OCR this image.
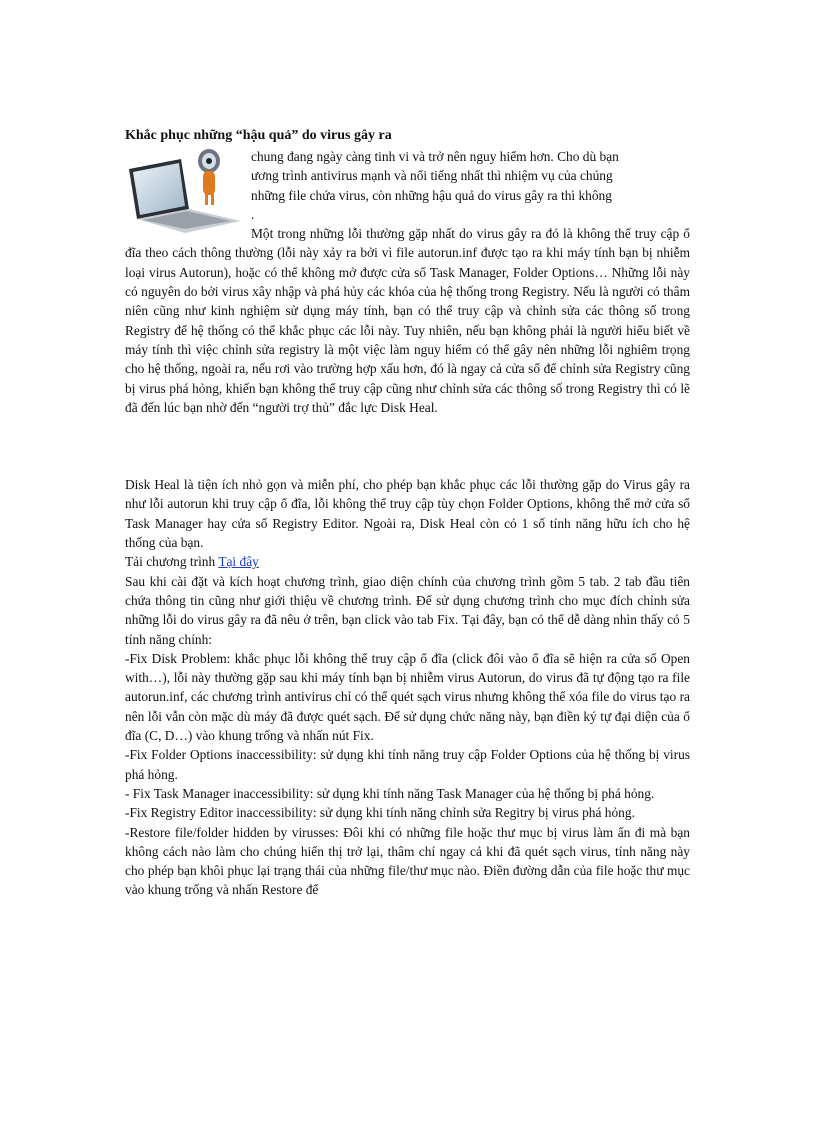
Khắc phục những “hậu quả” do virus gây ra
chung đang ngày càng tinh vi và trở nên nguy hiểm hơn. Cho dù bạn
ương trình antivirus mạnh và nổi tiếng nhất thì nhiệm vụ của chúng
những file chứa virus, còn những hậu quả do virus gây ra thì không
.

Một trong những lỗi thường gặp nhất do virus gây ra đó là không thể truy cập ổ đĩa theo cách thông thường (lỗi này xảy ra bởi vì file autorun.inf được tạo ra khi máy tính bạn bị nhiễm loại virus Autorun), hoặc có thể không mở được cửa sổ Task Manager, Folder Options… Những lỗi này có nguyên do bởi virus xây nhập và phá hủy các khóa của hệ thống trong Registry. Nếu là người có thâm niên cũng như kinh nghiệm sử dụng máy tính, bạn có thể truy cập và chỉnh sửa các thông số trong Registry để hệ thống có thể khắc phục các lỗi này. Tuy nhiên, nếu bạn không phải là người hiểu biết về máy tính thì việc chỉnh sửa registry là một việc làm nguy hiểm có thể gây nên những lỗi nghiêm trọng cho hệ thống, ngoài ra, nếu rơi vào trường hợp xấu hơn, đó là ngay cả cửa sổ để chỉnh sửa Registry cũng bị virus phá hỏng, khiến bạn không thể truy cập cũng như chỉnh sửa các thông số trong Registry thì có lẽ đã đến lúc bạn nhờ đến “người trợ thủ” đắc lực Disk Heal.

Disk Heal là tiện ích nhỏ gọn và miễn phí, cho phép bạn khắc phục các lỗi thường gặp do Virus gây ra như lỗi autorun khi truy cập ổ đĩa, lỗi không thể truy cập tùy chọn Folder Options, không thể mở cửa sổ Task Manager hay cửa sổ Registry Editor. Ngoài ra, Disk Heal còn có 1 số tính năng hữu ích cho hệ thống của bạn.

Tải chương trình Tại đây

Sau khi cài đặt và kích hoạt chương trình, giao diện chính của chương trình gồm 5 tab. 2 tab đầu tiên chứa thông tin cũng như giới thiệu về chương trình. Để sử dụng chương trình cho mục đích chỉnh sửa những lỗi do virus gây ra đã nêu ở trên, bạn click vào tab Fix. Tại đây, bạn có thể dễ dàng nhìn thấy có 5 tính năng chính:

-Fix Disk Problem: khắc phục lỗi không thể truy cập ổ đĩa (click đôi vào ổ đĩa sẽ hiện ra cửa sổ Open with…), lỗi này thường gặp sau khi máy tính bạn bị nhiễm virus Autorun, do virus đã tự động tạo ra file autorun.inf, các chương trình antivirus chỉ có thể quét sạch virus nhưng không thể xóa file do virus tạo ra nên lỗi vẫn còn mặc dù máy đã được quét sạch. Để sử dụng chức năng này, bạn điền ký tự đại diện của ổ đĩa (C, D…) vào khung trống và nhấn nút Fix.

-Fix Folder Options inaccessibility: sử dụng khi tính năng truy cập Folder Options của hệ thống bị virus phá hỏng.

- Fix Task Manager inaccessibility: sử dụng khi tính năng Task Manager của hệ thống bị phá hỏng.

-Fix Registry Editor inaccessibility: sử dụng khi tính năng chỉnh sửa Regitry bị virus phá hỏng.

-Restore file/folder hidden by virusses: Đôi khi có những file hoặc thư mục bị virus làm ẩn đi mà bạn không cách nào làm cho chúng hiển thị trở lại, thâm chí ngay cả khi đã quét sạch virus, tính năng này cho phép bạn khôi phục lại trạng thái của những file/thư mục nào. Điền đường dẫn của file hoặc thư mục vào khung trống và nhấn Restore để
